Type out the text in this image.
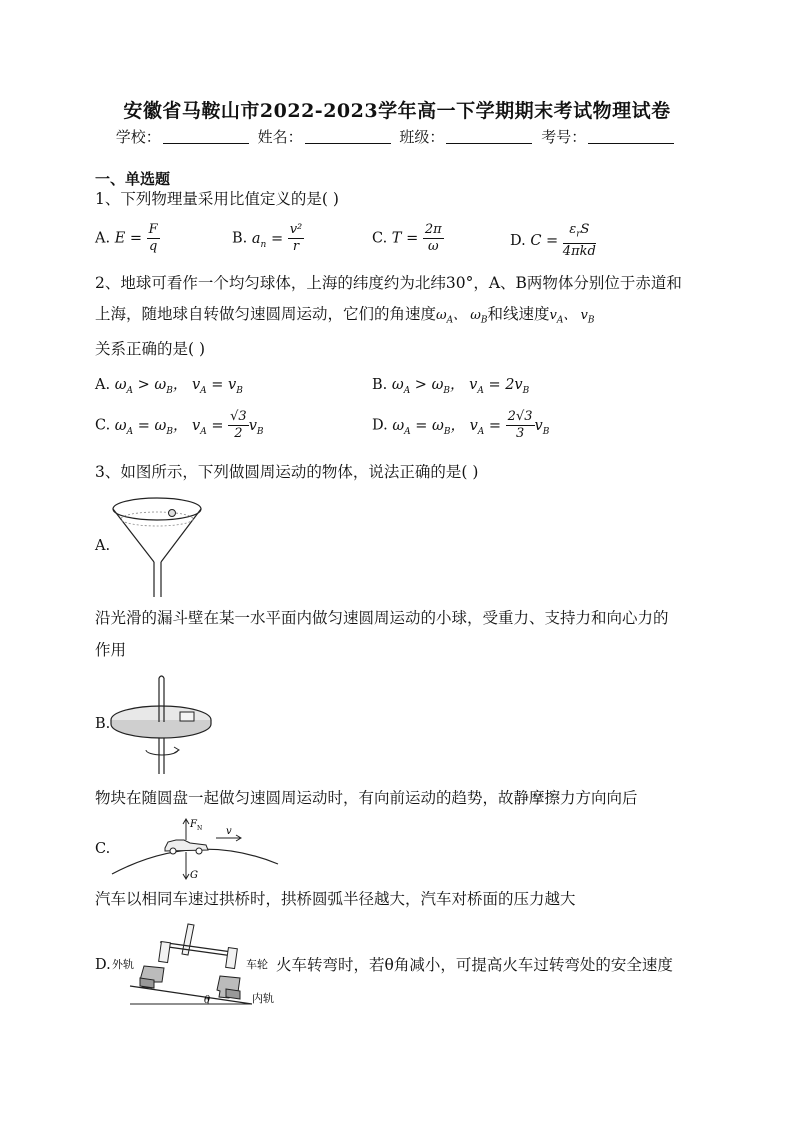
安徽省马鞍山市2022-2023学年高一下学期期末考试物理试卷
学校：	姓名：	班级：	考号：
一、单选题
1、下列物理量采用比值定义的是( )
A. $E = \frac{F}{q}$	B. $a_n = \frac{\text{v²}}{r}$	C. $T = \frac{2\pi}{\omega}$	D. $C = \frac{\varepsilon_rS}{\text{4πkd}}$
2、地球可看作一个均匀球体，上海的纬度约为北纬30°，A、B两物体分别位于赤道和
上海，随地球自转做匀速圆周运动，它们的角速度$\omega_A$、 $\omega_B$和线速度$v_A$、 $v_B$
关系正确的是( )
A. $\omega_A > \omega_B$， $v_A = v_B$	B. $\omega_A > \omega_B$， $v_A = 2v_B$
C. $\omega_A = \omega_B$， $v_A = \frac{√3}{2} v_B$	D. $\omega_A = \omega_B$， $v_A = \frac{2√3}{3} v_B$
3、如图所示，下列做圆周运动的物体，说法正确的是( )
A.
沿光滑的漏斗壁在某一水平面内做匀速圆周运动的小球，受重力、支持力和向心力的
作用
B.
物块在随圆盘一起做匀速圆周运动时，有向前运动的趋势，故静摩擦力方向向后
C.
F N v
G
汽车以相同车速过拱桥时，拱桥圆弧半径越大，汽车对桥面的压力越大
D. 外轨	车轮
内轨
θ
火车转弯时，若θ角减小，可提高火车过转弯处的安全速度
